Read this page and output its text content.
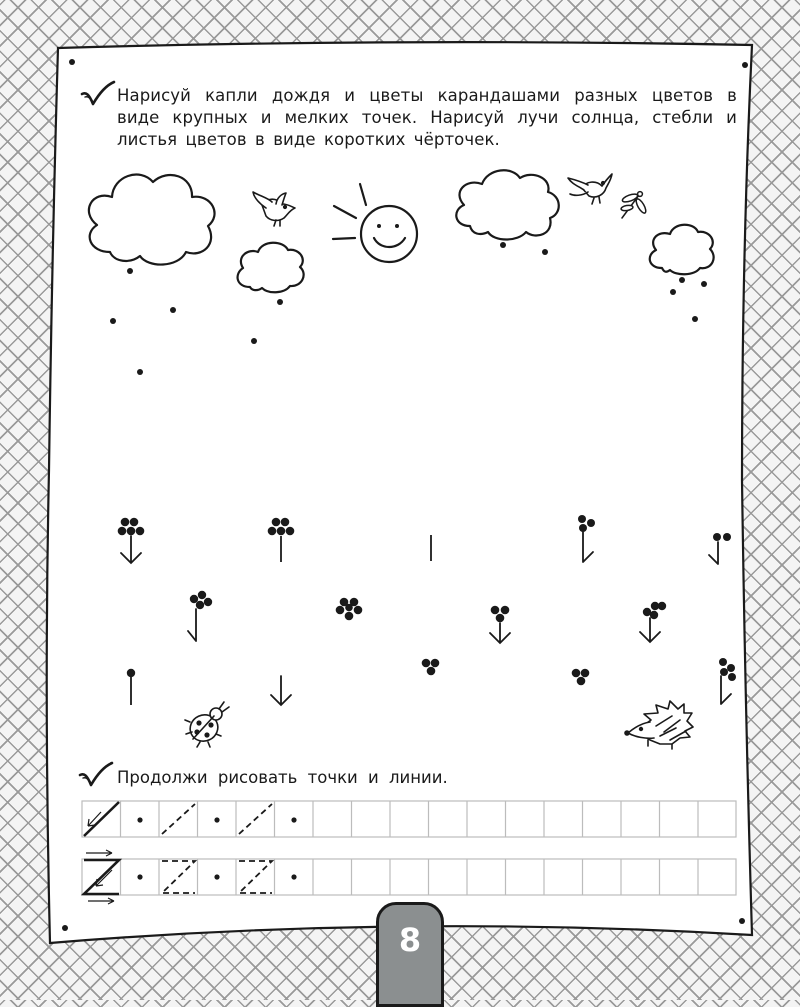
Нарисуй капли дождя и цветы карандашами разных цветов в виде крупных и мелких точек. Нарисуй лучи солнца, стебли и листья цветов в виде коротких чёрточек.
Продолжи рисовать точки и линии.
8
